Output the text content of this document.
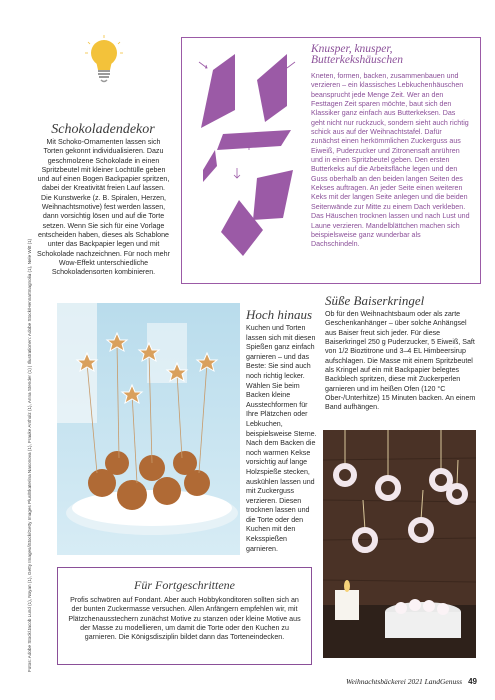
Schokoladendekor
Mit Schoko-Ornamenten lassen sich Torten gekonnt individualisieren. Dazu geschmolzene Schokolade in einen Spritzbeutel mit kleiner Lochtülle geben und auf einen Bogen Backpapier spritzen, dabei der Kreativität freien Lauf lassen. Die Kunstwerke (z. B. Spiralen, Herzen, Weihnachtsmotive) fest werden lassen, dann vorsichtig lösen und auf die Torte setzen. Wenn Sie sich für eine Vorlage entscheiden haben, dieses als Schablone unter das Backpapier legen und mit Schokolade nachzeichnen. Für noch mehr Wow-Effekt unterschiedliche Schokoladensorten kombinieren.
Fotos: Adobe Stock/Jacob Lund (1), Noyan (1), Getty Images/iStock/Getty Images Plus/Ekaterina Nasonova (1), Frauke Antholz (1), Anna Stender (1) | Illustrationen: Adobe Stock/Hennartmagnolia (1), Nele Witt (1)
Knusper, knusper, Butterkekshäuschen
Kneten, formen, backen, zusammenbauen und verzieren – ein klassisches Lebkuchenhäuschen beansprucht jede Menge Zeit. Wer an den Festtagen Zeit sparen möchte, baut sich den Klassiker ganz einfach aus Butterkeksen. Das geht nicht nur ruckzuck, sondern sieht auch richtig schick aus auf der Weihnachtstafel. Dafür zunächst einen herkömmlichen Zuckerguss aus Eiweiß, Puderzucker und Zitronensaft anrühren und in einen Spritzbeutel geben. Den ersten Butterkeks auf die Arbeitsfläche legen und den Guss oberhalb an den beiden langen Seiten des Kekses auftragen. An jeder Seite einen weiteren Keks mit der langen Seite anlegen und die beiden Seitenwände zur Mitte zu einem Dach verkleben. Das Häuschen trocknen lassen und nach Lust und Laune verzieren. Mandelblättchen machen sich beispielsweise ganz wunderbar als Dachschindeln.
Hoch hinaus
Kuchen und Torten lassen sich mit diesen Spießen ganz einfach garnieren – und das Beste: Sie sind auch noch richtig lecker. Wählen Sie beim Backen kleine Ausstechformen für Ihre Plätzchen oder Lebkuchen, beispielsweise Sterne. Nach dem Backen die noch warmen Kekse vorsichtig auf lange Holzspieße stecken, auskühlen lassen und mit Zuckerguss verzieren. Diesen trocknen lassen und die Torte oder den Kuchen mit den Keksspießen garnieren.
Süße Baiserkringel
Ob für den Weihnachtsbaum oder als zarte Geschenkanhänger – über solche Anhängsel aus Baiser freut sich jeder. Für diese Baiserkringel 250 g Puderzucker, 5 Eiweiß, Saft von 1/2 Bioztitrone und 3–4 EL Himbeersirup aufschlagen. Die Masse mit einem Spritzbeutel als Kringel auf ein mit Backpapier belegtes Backblech spritzen, diese mit Zuckerperlen garnieren und im heißen Ofen (120 °C Ober-/Unterhitze) 15 Minuten backen. An einem Band aufhängen.
Für Fortgeschrittene
Profis schwören auf Fondant. Aber auch Hobbykonditoren sollten sich an der bunten Zuckermasse versuchen. Allen Anfängern empfehlen wir, mit Plätzchenausstechern zunächst Motive zu stanzen oder kleine Motive aus der Masse zu modellieren, um damit die Torte oder den Kuchen zu garnieren. Die Königsdisziplin bildet dann das Torteneindecken.
Weihnachtsbäckerei 2021 LandGenuss 49
